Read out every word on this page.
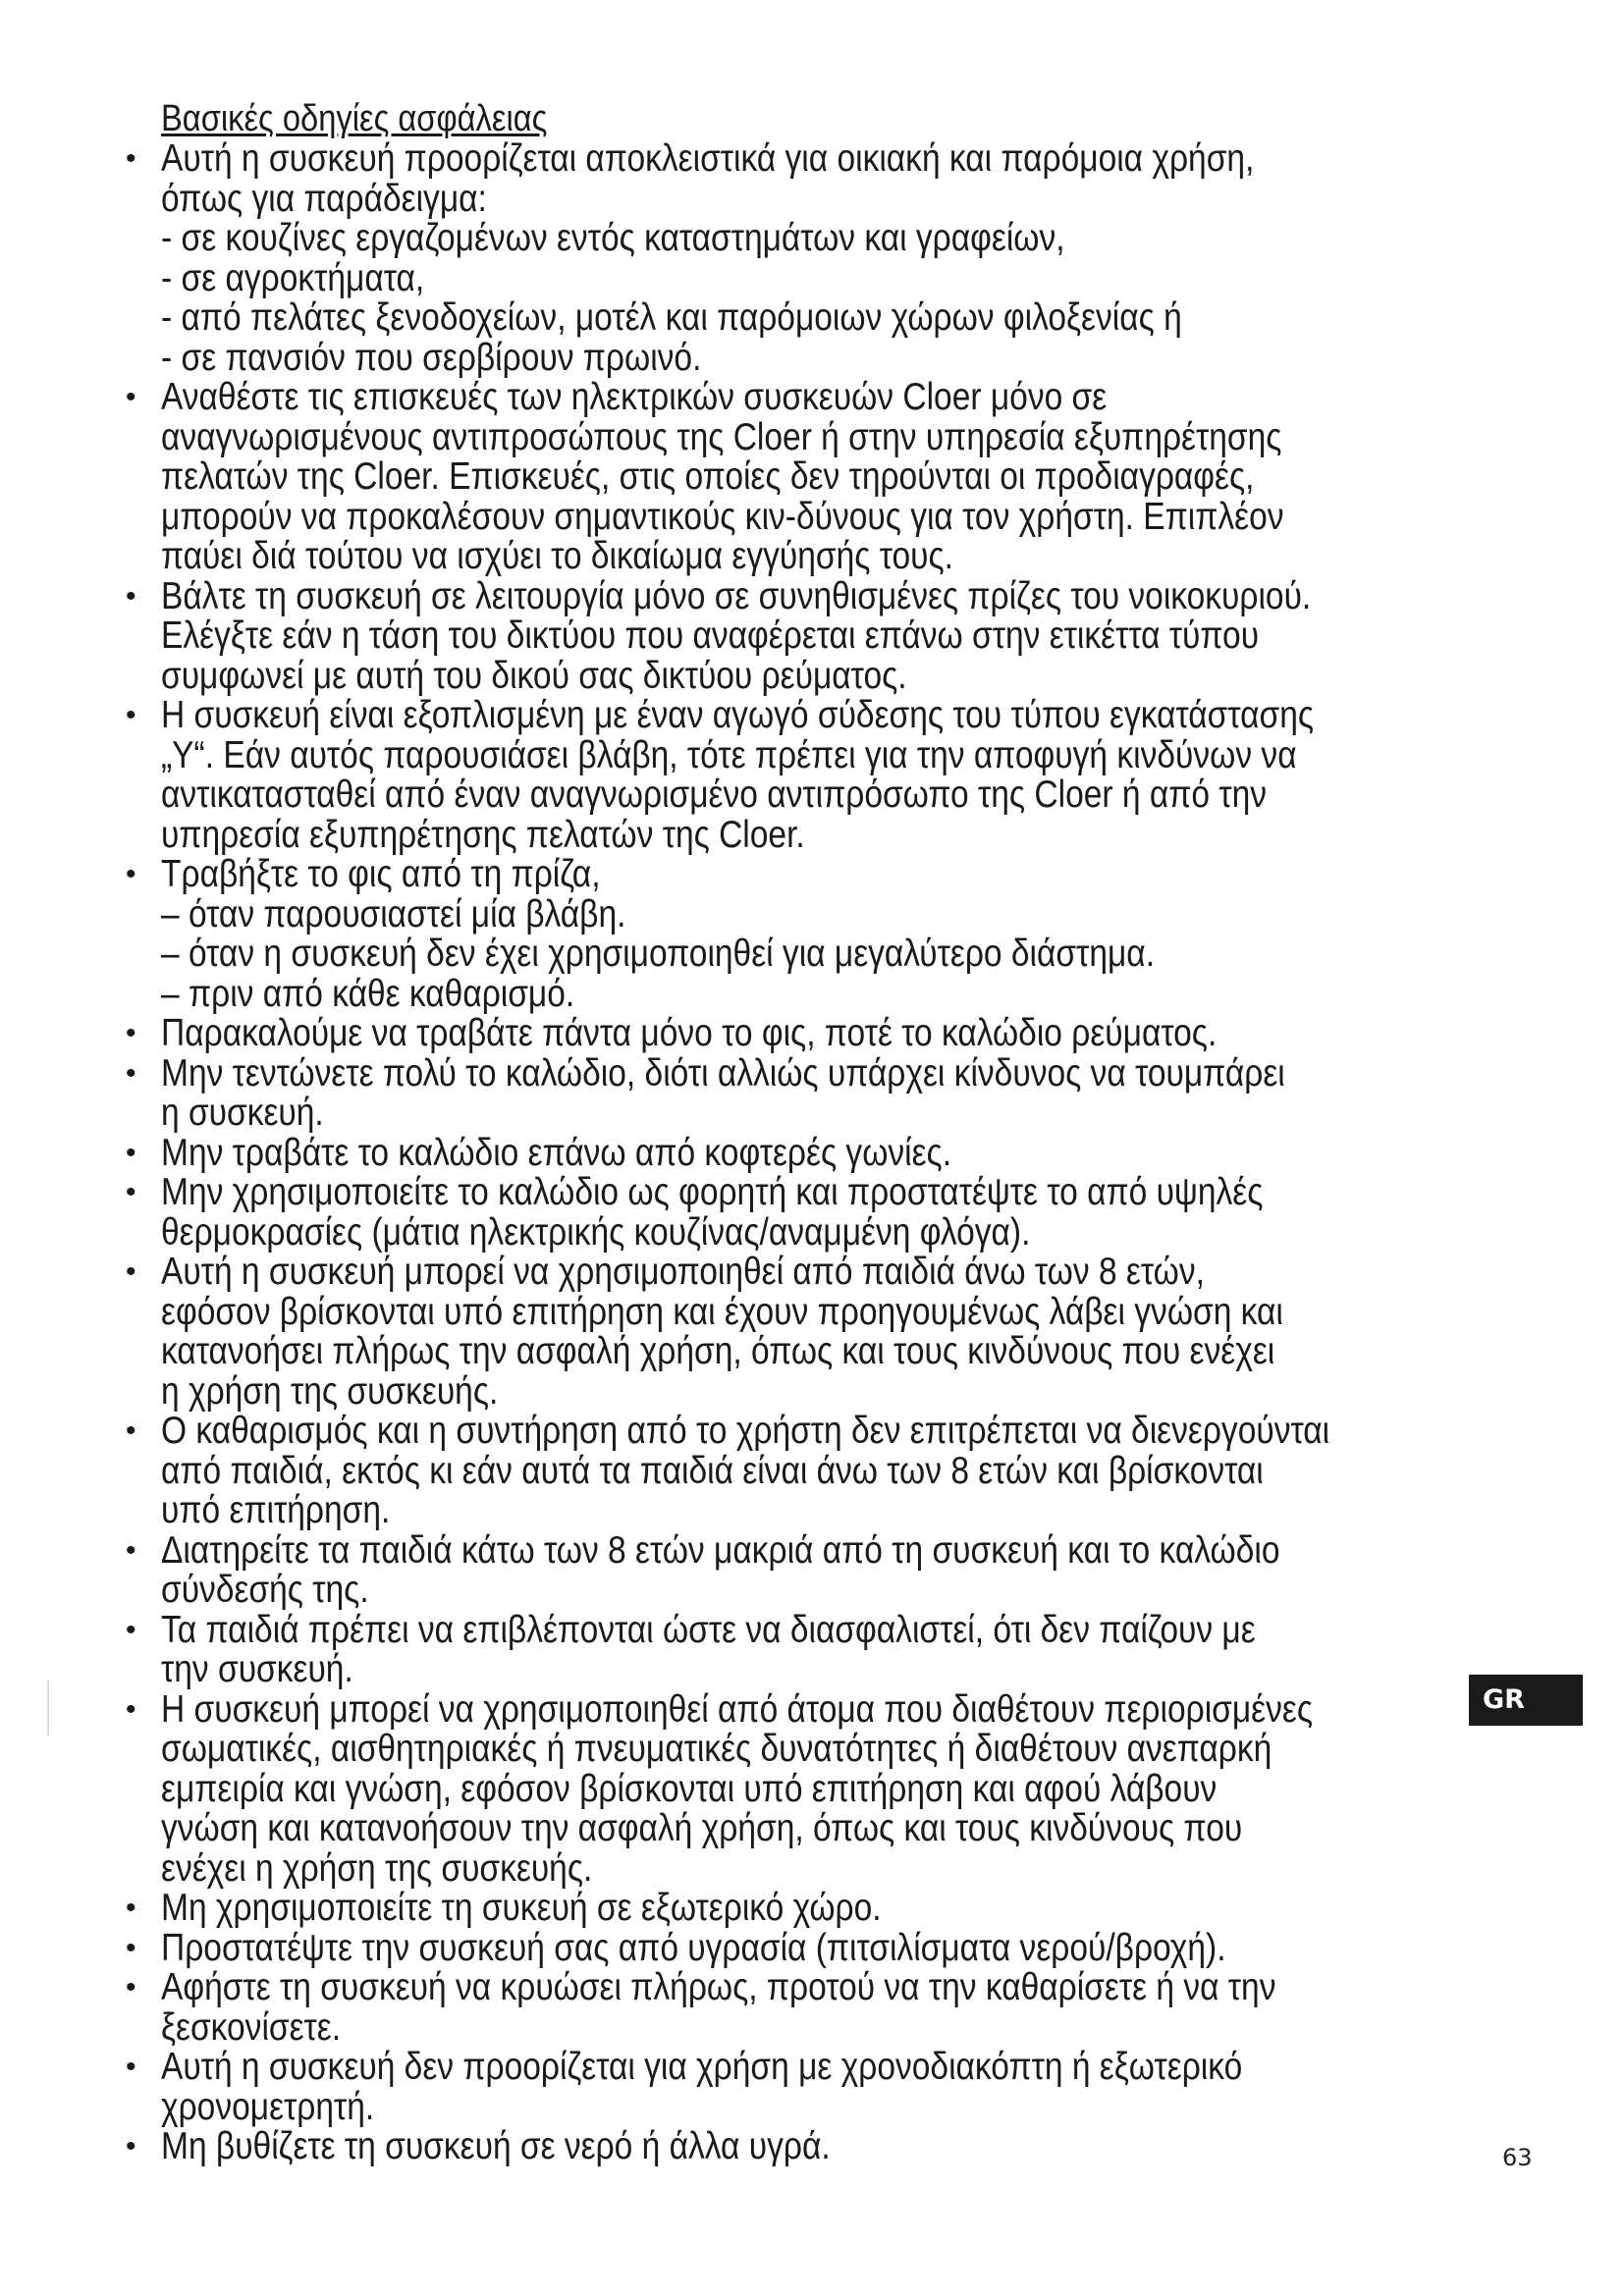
Βασικές οδηγίες ασφάλειας
• Αυτή η συσκευή προορίζεται αποκλειστικά για οικιακή και παρόμοια χρήση,
όπως για παράδειγμα:
- σε κουζίνες εργαζομένων εντός καταστημάτων και γραφείων,
- σε αγροκτήματα,
- από πελάτες ξενοδοχείων, μοτέλ και παρόμοιων χώρων φιλοξενίας ή
- σε πανσιόν που σερβίρουν πρωινό.
• Αναθέστε τις επισκευές των ηλεκτρικών συσκευών Cloer μόνο σε
αναγνωρισμένους αντιπροσώπους της Cloer ή στην υπηρεσία εξυπηρέτησης
πελατών της Cloer. Επισκευές, στις οποίες δεν τηρούνται οι προδιαγραφές,
μπορούν να προκαλέσουν σημαντικούς κιν-δύνους για τον χρήστη. Επιπλέον
παύει διά τούτου να ισχύει το δικαίωμα εγγύησής τους.
• Βάλτε τη συσκευή σε λειτουργία μόνο σε συνηθισμένες πρίζες του νοικοκυριού.
Ελέγξτε εάν η τάση του δικτύου που αναφέρεται επάνω στην ετικέττα τύπου
συμφωνεί με αυτή του δικού σας δικτύου ρεύματος.
• Η συσκευή είναι εξοπλισμένη με έναν αγωγό σύδεσης του τύπου εγκατάστασης
„Y“. Εάν αυτός παρουσιάσει βλάβη, τότε πρέπει για την αποφυγή κινδύνων να
αντικατασταθεί από έναν αναγνωρισμένο αντιπρόσωπο της Cloer ή από την
υπηρεσία εξυπηρέτησης πελατών της Cloer.
• Τραβήξτε το φις από τη πρίζα,
– όταν παρουσιαστεί μία βλάβη.
– όταν η συσκευή δεν έχει χρησιμοποιηθεί για μεγαλύτερο διάστημα.
– πριν από κάθε καθαρισμό.
• Παρακαλούμε να τραβάτε πάντα μόνο το φις, ποτέ το καλώδιο ρεύματος.
• Μην τεντώνετε πολύ το καλώδιο, διότι αλλιώς υπάρχει κίνδυνος να τουμπάρει
η συσκευή.
• Μην τραβάτε το καλώδιο επάνω από κοφτερές γωνίες.
• Μην χρησιμοποιείτε το καλώδιο ως φορητή και προστατέψτε το από υψηλές
θερμοκρασίες (μάτια ηλεκτρικής κουζίνας/αναμμένη φλόγα).
• Αυτή η συσκευή μπορεί να χρησιμοποιηθεί από παιδιά άνω των 8 ετών,
εφόσον βρίσκονται υπό επιτήρηση και έχουν προηγουμένως λάβει γνώση και
κατανοήσει πλήρως την ασφαλή χρήση, όπως και τους κινδύνους που ενέχει
η χρήση της συσκευής.
• Ο καθαρισμός και η συντήρηση από το χρήστη δεν επιτρέπεται να διενεργούνται
από παιδιά, εκτός κι εάν αυτά τα παιδιά είναι άνω των 8 ετών και βρίσκονται
υπό επιτήρηση.
• Διατηρείτε τα παιδιά κάτω των 8 ετών μακριά από τη συσκευή και το καλώδιο
σύνδεσής της.
• Τα παιδιά πρέπει να επιβλέπονται ώστε να διασφαλιστεί, ότι δεν παίζουν με
την συσκευή.
• Η συσκευή μπορεί να χρησιμοποιηθεί από άτομα που διαθέτουν περιορισμένες
σωματικές, αισθητηριακές ή πνευματικές δυνατότητες ή διαθέτουν ανεπαρκή
εμπειρία και γνώση, εφόσον βρίσκονται υπό επιτήρηση και αφού λάβουν
γνώση και κατανοήσουν την ασφαλή χρήση, όπως και τους κινδύνους που
ενέχει η χρήση της συσκευής.
• Μη χρησιμοποιείτε τη συκευή σε εξωτερικό χώρο.
• Προστατέψτε την συσκευή σας από υγρασία (πιτσιλίσματα νερού/βροχή).
• Αφήστε τη συσκευή να κρυώσει πλήρως, προτού να την καθαρίσετε ή να την
ξεσκονίσετε.
• Αυτή η συσκευή δεν προορίζεται για χρήση με χρονοδιακόπτη ή εξωτερικό
χρονομετρητή.
• Μη βυθίζετε τη συσκευή σε νερό ή άλλα υγρά.
GR
63
